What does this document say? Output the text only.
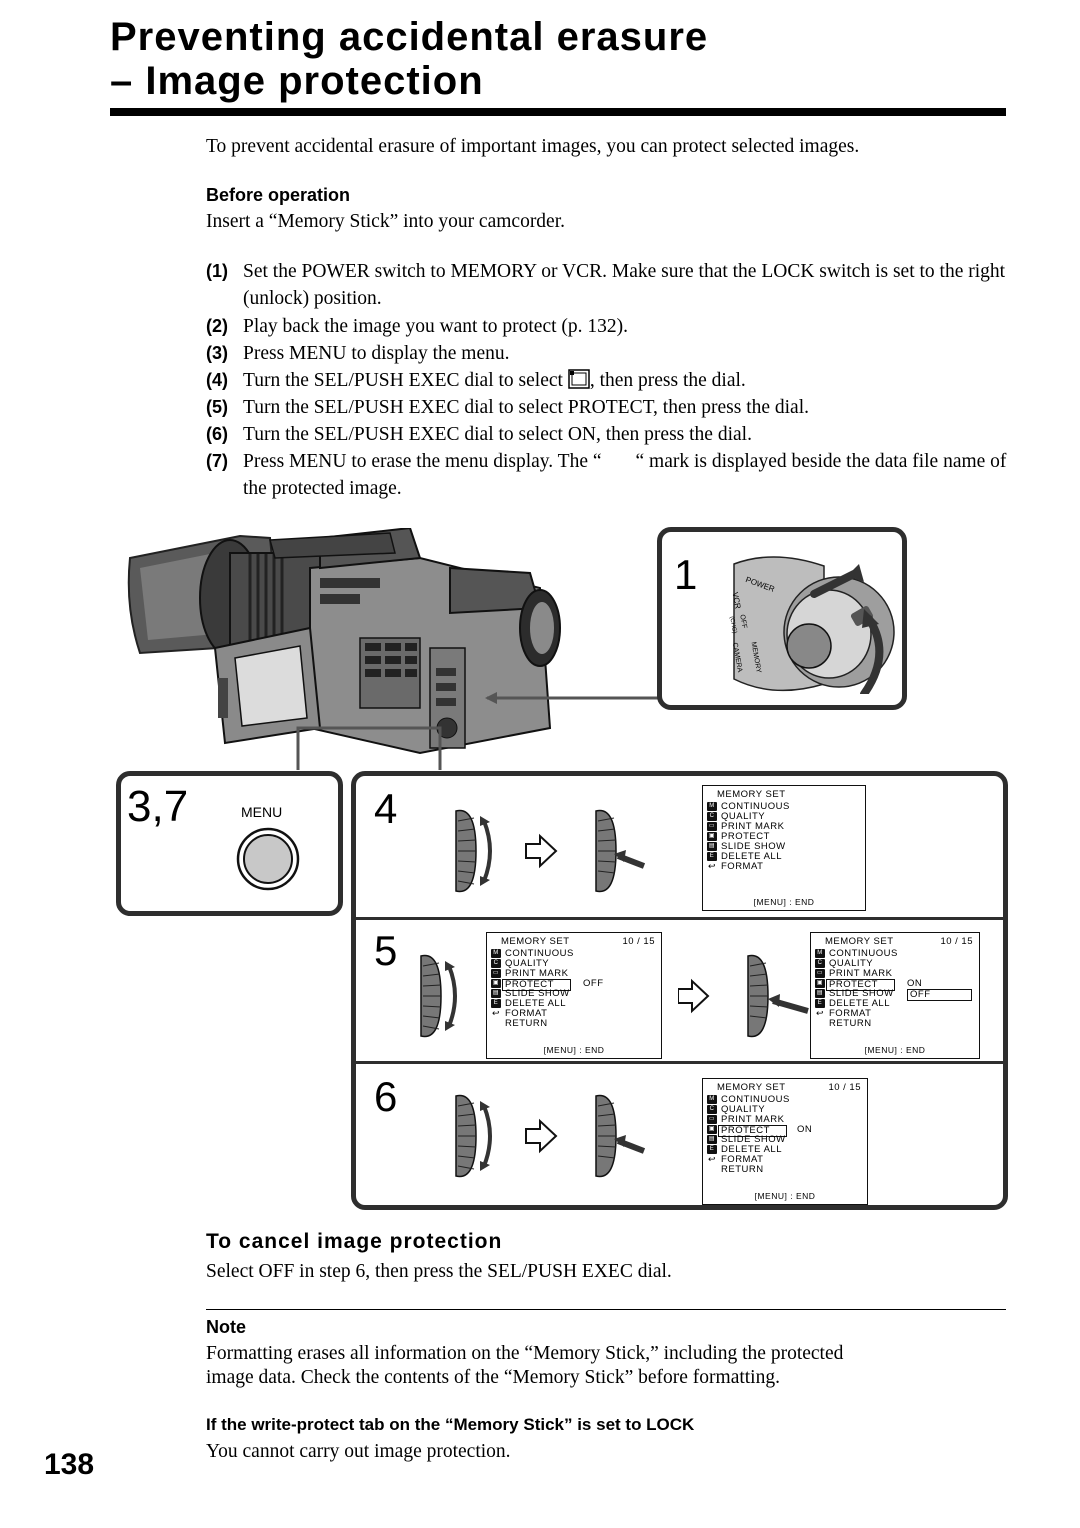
Preventing accidental erasure
– Image protection
To prevent accidental erasure of important images, you can protect selected images.
Before operation
Insert a “Memory Stick” into your camcorder.
(1) Set the POWER switch to MEMORY or VCR. Make sure that the LOCK switch is set to the right (unlock) position.
(2) Play back the image you want to protect (p. 132).
(3) Press MENU to display the menu.
(4) Turn the SEL/PUSH EXEC dial to select , then press the dial.
(5) Turn the SEL/PUSH EXEC dial to select PROTECT, then press the dial.
(6) Turn the SEL/PUSH EXEC dial to select ON, then press the dial.
(7) Press MENU to erase the menu display. The “ “ mark is displayed beside the data file name of the protected image.
1	POWER
VCR
OFF
(CHG)
CAMERA MEMORY
3,7	MENU 4	MEMORY SET
M CONTINUOUS
C QUALITY
▭ PRINT MARK
▣ PROTECT
▤ SLIDE SHOW
E DELETE ALL
↩ FORMAT
[MENU] : END
5	MEMORY SET	10 / 15
M CONTINUOUS
C QUALITY
▭ PRINT MARK
▣ PROTECT	OFF
▤ SLIDE SHOW
E DELETE ALL
↩ FORMAT
RETURN
[MENU] : END
MEMORY SET	10 / 15
M CONTINUOUS
C QUALITY
▭ PRINT MARK
▣ PROTECT	ON
▤ SLIDE SHOW	OFF
E DELETE ALL
↩ FORMAT
RETURN
[MENU] : END
6	MEMORY SET	10 / 15
M CONTINUOUS
C QUALITY
▭ PRINT MARK
▣ PROTECT	ON
▤ SLIDE SHOW
E DELETE ALL
↩ FORMAT
RETURN
[MENU] : END
To cancel image protection
Select OFF in step 6, then press the SEL/PUSH EXEC dial.
Note
Formatting erases all information on the “Memory Stick,” including the protected
image data. Check the contents of the “Memory Stick” before formatting.
If the write-protect tab on the “Memory Stick” is set to LOCK
You cannot carry out image protection.
138
